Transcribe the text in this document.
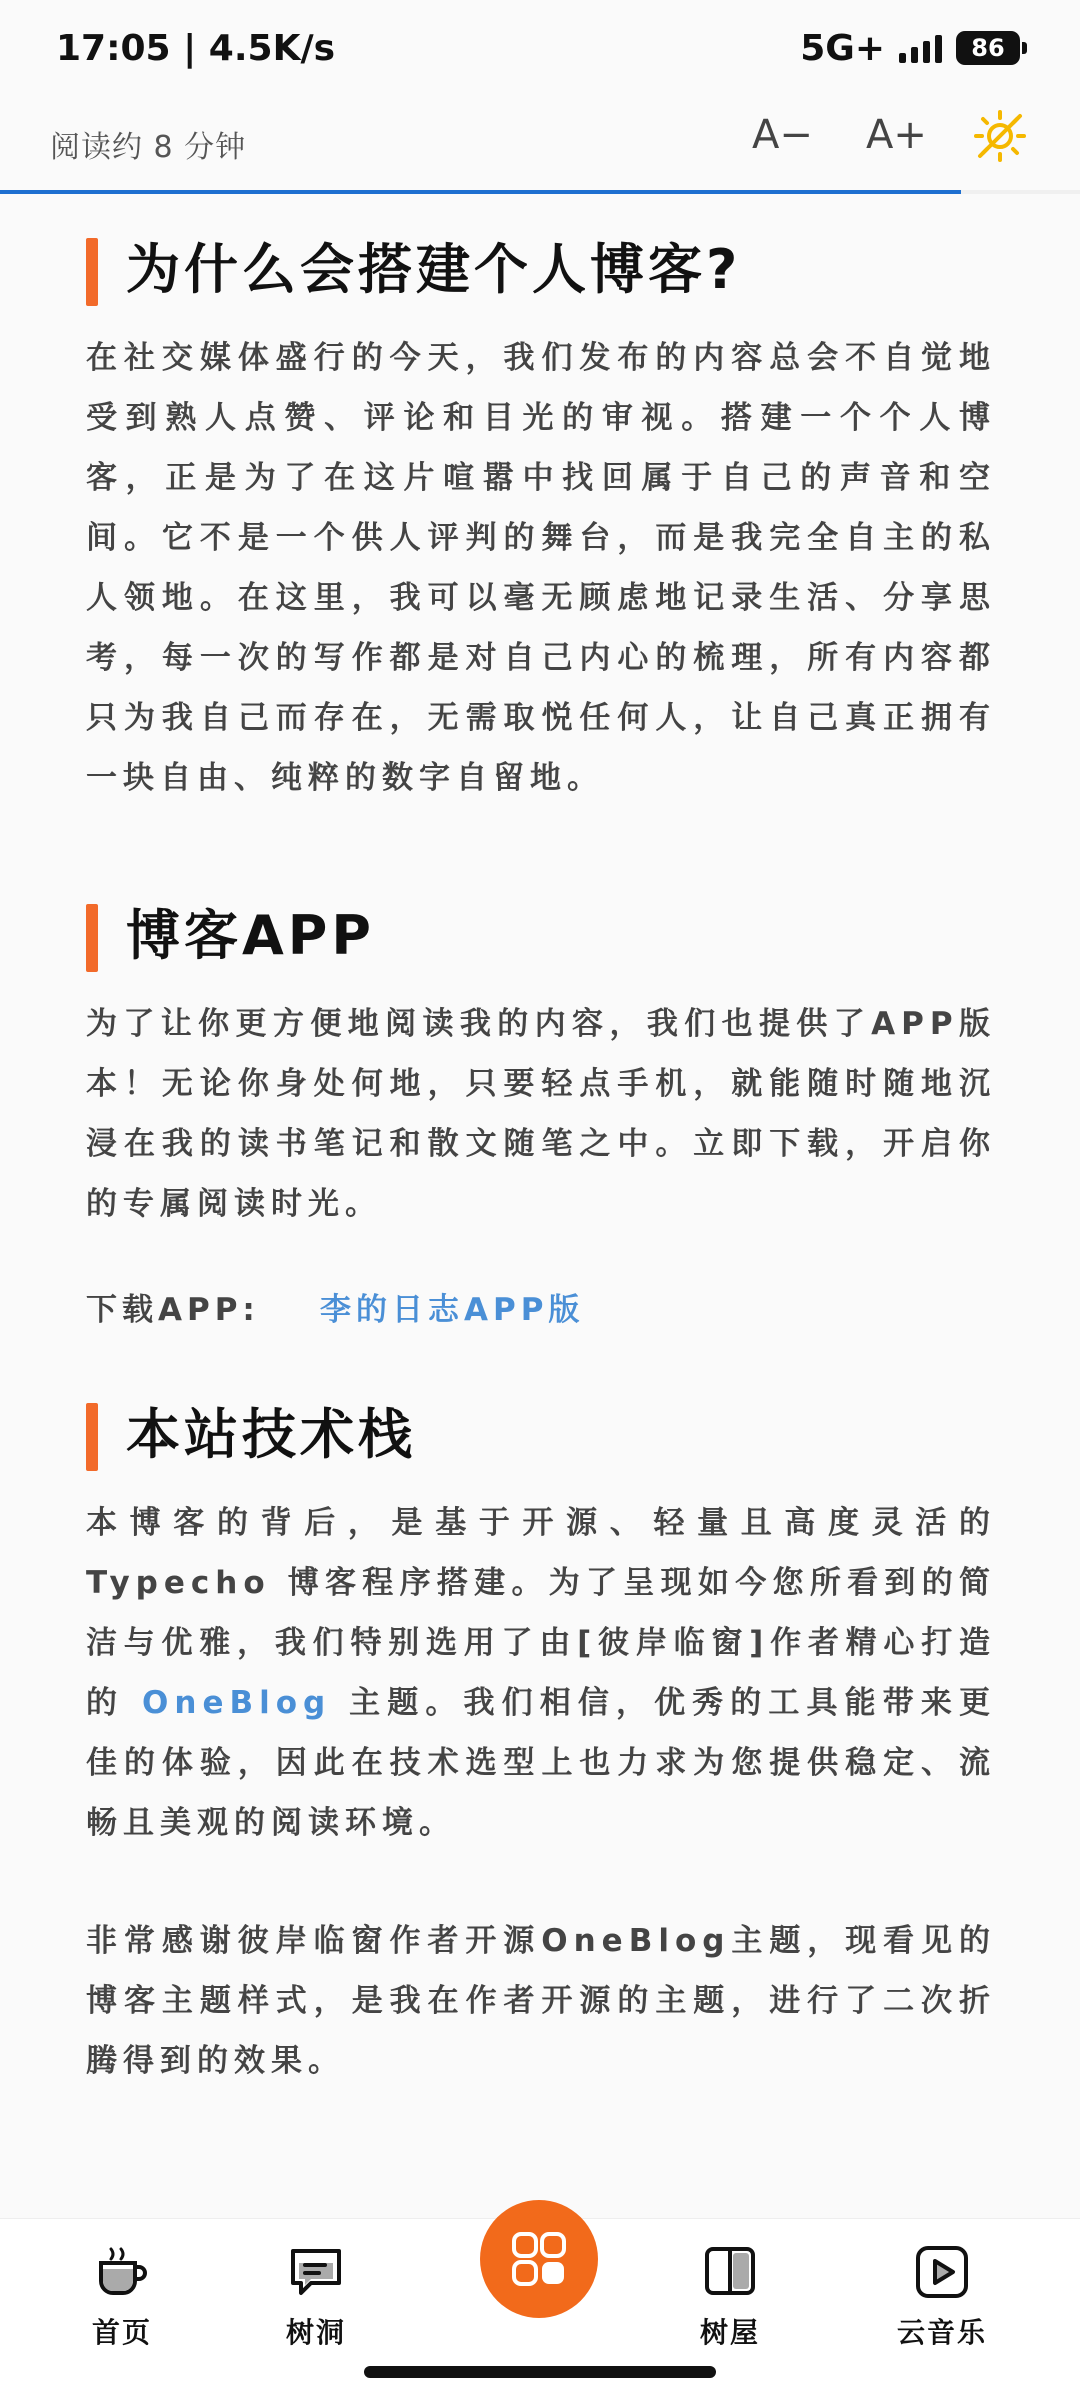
17:05 | 4.5K/s	5G+	86
阅读约 8 分钟	A− A+
为什么会搭建个人博客?

在社交媒体盛行的今天，我们发布的内容总会不自觉地受到熟人点赞、评论和目光的审视。搭建一个个人博客，正是为了在这片喧嚣中找回属于自己的声音和空间。它不是一个供人评判的舞台，而是我完全自主的私人领地。在这里，我可以毫无顾虑地记录生活、分享思考，每一次的写作都是对自己内心的梳理，所有内容都只为我自己而存在，无需取悦任何人，让自己真正拥有一块自由、纯粹的数字自留地。

博客APP

为了让你更方便地阅读我的内容，我们也提供了APP版本！无论你身处何地，只要轻点手机，就能随时随地沉浸在我的读书笔记和散文随笔之中。立即下载，开启你的专属阅读时光。

下载APP:	李的日志APP版
本站技术栈

本博客的背后，是基于开源、轻量且高度灵活的 Typecho 博客程序搭建。为了呈现如今您所看到的简洁与优雅，我们特别选用了由[彼岸临窗]作者精心打造的 OneBlog 主题。我们相信，优秀的工具能带来更佳的体验，因此在技术选型上也力求为您提供稳定、流畅且美观的阅读环境。

非常感谢彼岸临窗作者开源OneBlog主题，现看见的博客主题样式，是我在作者开源的主题，进行了二次折腾得到的效果。

首页	树洞	树屋	云音乐
